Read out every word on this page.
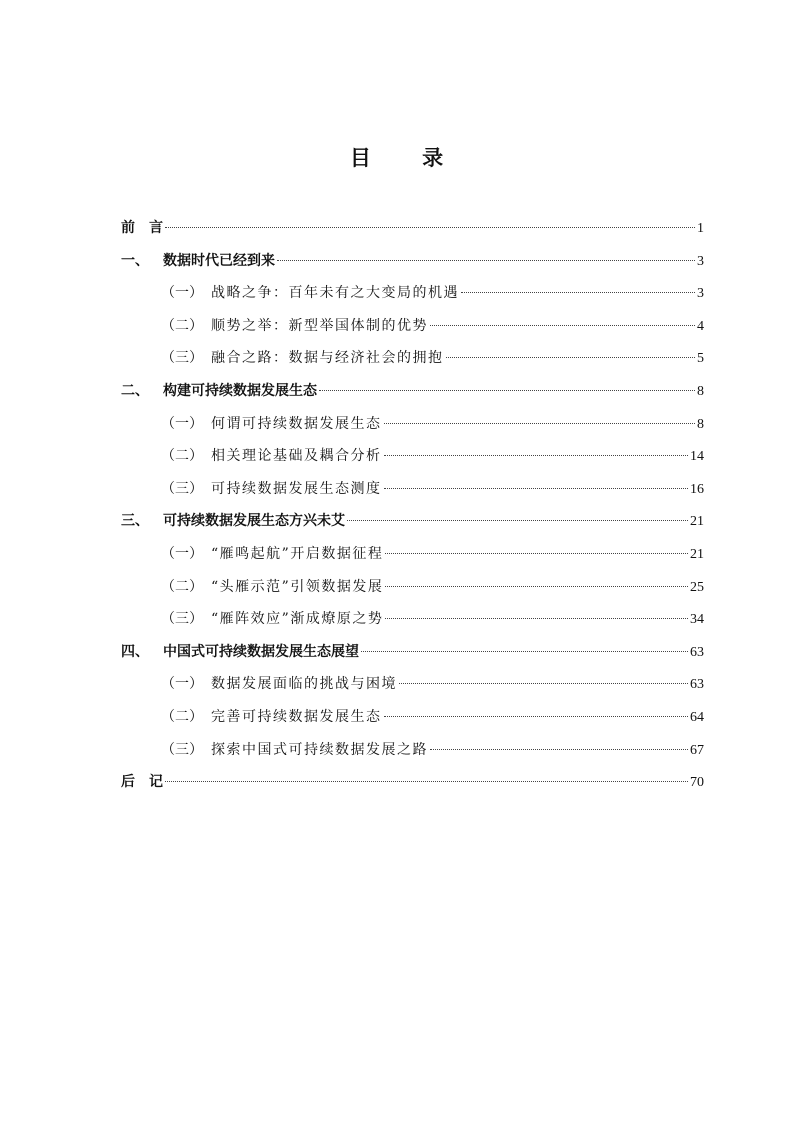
目 录
前　言	1
一、	数据时代已经到来	3
（一） 战略之争：百年未有之大变局的机遇	3
（二） 顺势之举：新型举国体制的优势	4
（三） 融合之路：数据与经济社会的拥抱	5
二、	构建可持续数据发展生态	8
（一） 何谓可持续数据发展生态	8
（二） 相关理论基础及耦合分析	14
（三） 可持续数据发展生态测度	16
三、	可持续数据发展生态方兴未艾	21
（一） “雁鸣起航”开启数据征程	21
（二） “头雁示范”引领数据发展	25
（三） “雁阵效应”渐成燎原之势	34
四、	中国式可持续数据发展生态展望	63
（一） 数据发展面临的挑战与困境	63
（二） 完善可持续数据发展生态	64
（三） 探索中国式可持续数据发展之路	67
后　记	70
